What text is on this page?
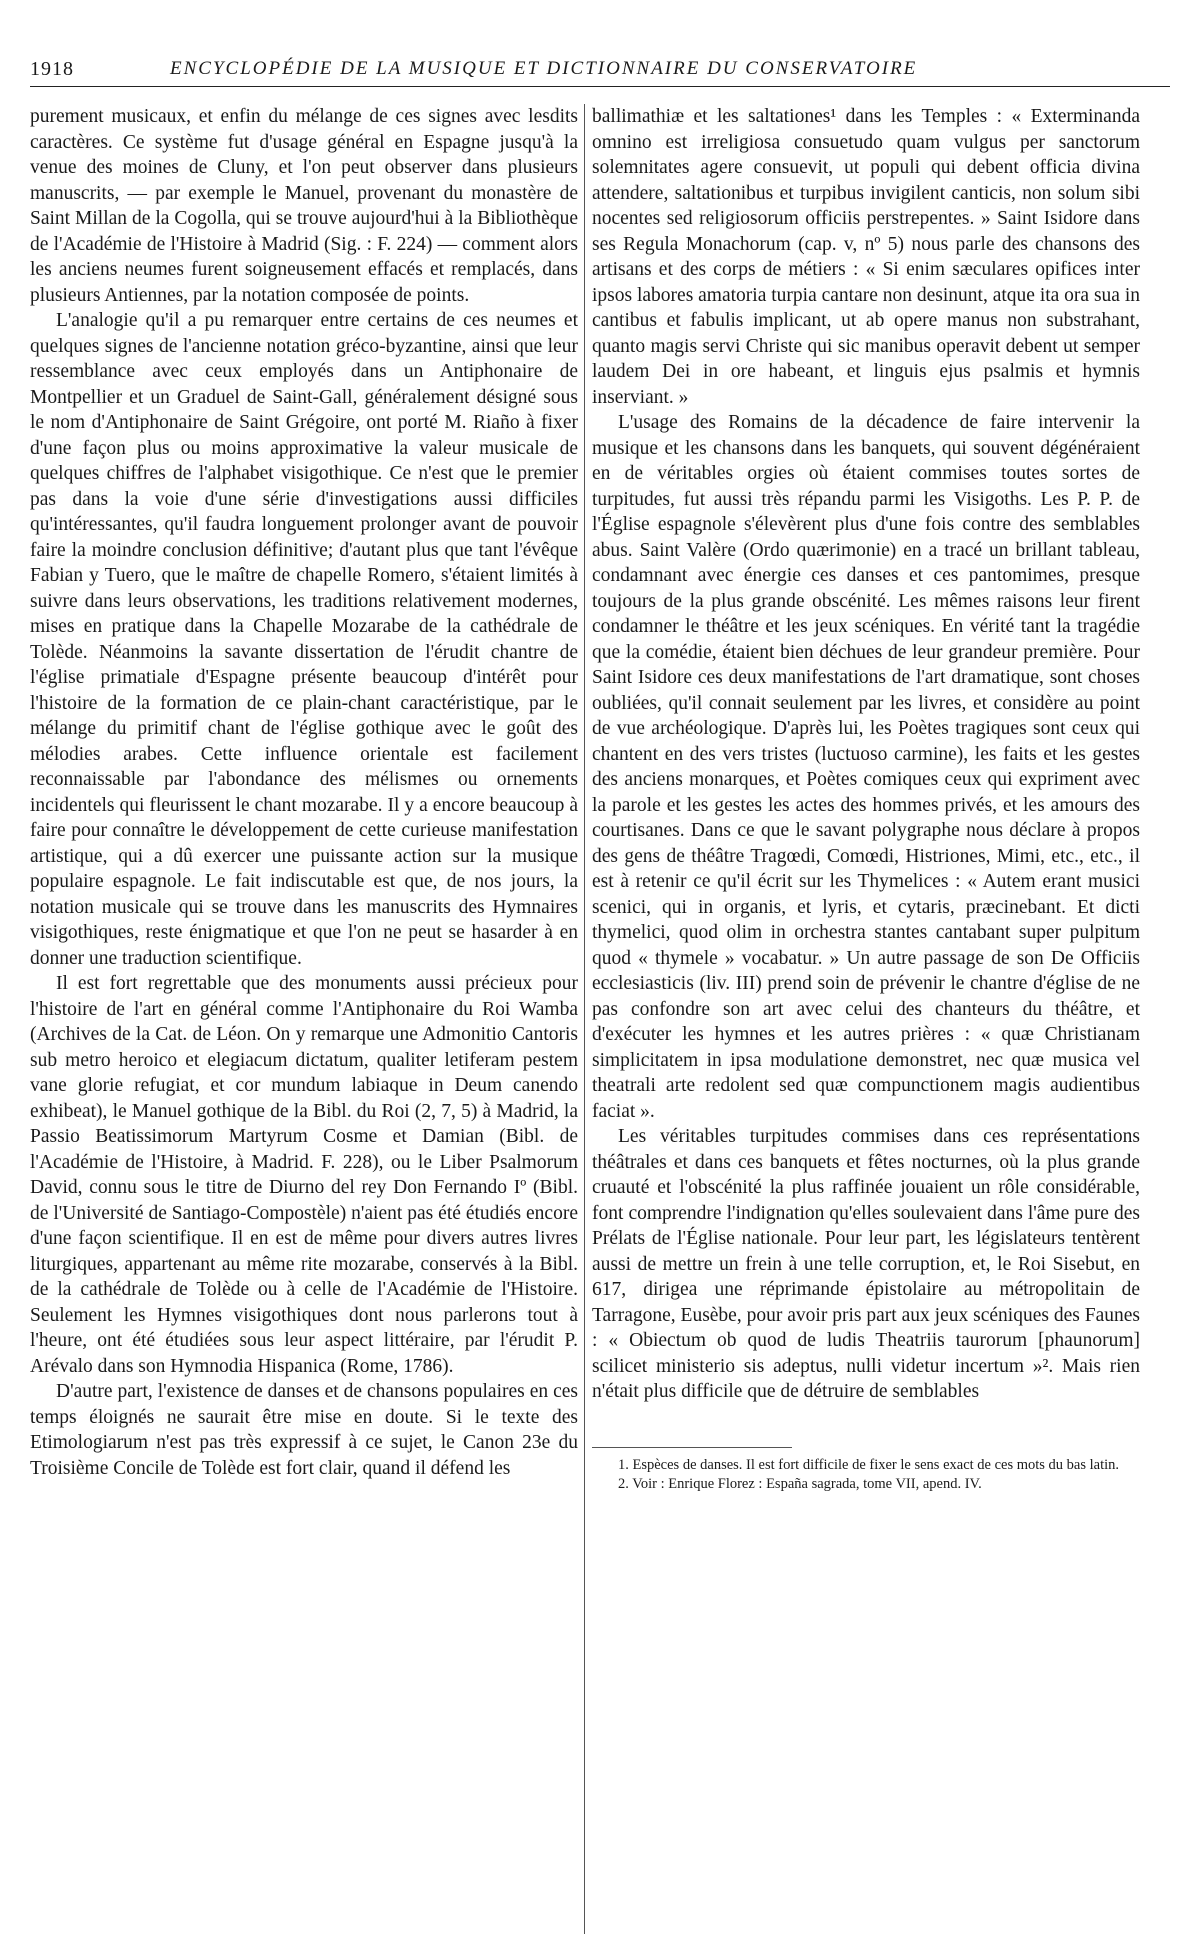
1918	ENCYCLOPÉDIE DE LA MUSIQUE ET DICTIONNAIRE DU CONSERVATOIRE

purement musicaux, et enfin du mélange de ces signes avec lesdits caractères. Ce système fut d'usage général en Espagne jusqu'à la venue des moines de Cluny, et l'on peut observer dans plusieurs manuscrits, — par exemple le Manuel, provenant du monastère de Saint Millan de la Cogolla, qui se trouve aujourd'hui à la Bibliothèque de l'Académie de l'Histoire à Madrid (Sig. : F. 224) — comment alors les anciens neumes furent soigneusement effacés et remplacés, dans plusieurs Antiennes, par la notation composée de points.

L'analogie qu'il a pu remarquer entre certains de ces neumes et quelques signes de l'ancienne notation gréco-byzantine, ainsi que leur ressemblance avec ceux employés dans un Antiphonaire de Montpellier et un Graduel de Saint-Gall, généralement désigné sous le nom d'Antiphonaire de Saint Grégoire, ont porté M. Riaño à fixer d'une façon plus ou moins approximative la valeur musicale de quelques chiffres de l'alphabet visigothique. Ce n'est que le premier pas dans la voie d'une série d'investigations aussi difficiles qu'intéressantes, qu'il faudra longuement prolonger avant de pouvoir faire la moindre conclusion définitive; d'autant plus que tant l'évêque Fabian y Tuero, que le maître de chapelle Romero, s'étaient limités à suivre dans leurs observations, les traditions relativement modernes, mises en pratique dans la Chapelle Mozarabe de la cathédrale de Tolède. Néanmoins la savante dissertation de l'érudit chantre de l'église primatiale d'Espagne présente beaucoup d'intérêt pour l'histoire de la formation de ce plain-chant caractéristique, par le mélange du primitif chant de l'église gothique avec le goût des mélodies arabes. Cette influence orientale est facilement reconnaissable par l'abondance des mélismes ou ornements incidentels qui fleurissent le chant mozarabe. Il y a encore beaucoup à faire pour connaître le développement de cette curieuse manifestation artistique, qui a dû exercer une puissante action sur la musique populaire espagnole. Le fait indiscutable est que, de nos jours, la notation musicale qui se trouve dans les manuscrits des Hymnaires visigothiques, reste énigmatique et que l'on ne peut se hasarder à en donner une traduction scientifique.

Il est fort regrettable que des monuments aussi précieux pour l'histoire de l'art en général comme l'Antiphonaire du Roi Wamba (Archives de la Cat. de Léon. On y remarque une Admonitio Cantoris sub metro heroico et elegiacum dictatum, qualiter letiferam pestem vane glorie refugiat, et cor mundum labiaque in Deum canendo exhibeat), le Manuel gothique de la Bibl. du Roi (2, 7, 5) à Madrid, la Passio Beatissimorum Martyrum Cosme et Damian (Bibl. de l'Académie de l'Histoire, à Madrid. F. 228), ou le Liber Psalmorum David, connu sous le titre de Diurno del rey Don Fernando Iº (Bibl. de l'Université de Santiago-Compostèle) n'aient pas été étudiés encore d'une façon scientifique. Il en est de même pour divers autres livres liturgiques, appartenant au même rite mozarabe, conservés à la Bibl. de la cathédrale de Tolède ou à celle de l'Académie de l'Histoire. Seulement les Hymnes visigothiques dont nous parlerons tout à l'heure, ont été étudiées sous leur aspect littéraire, par l'érudit P. Arévalo dans son Hymnodia Hispanica (Rome, 1786).

D'autre part, l'existence de danses et de chansons populaires en ces temps éloignés ne saurait être mise en doute. Si le texte des Etimologiarum n'est pas très expressif à ce sujet, le Canon 23e du Troisième Concile de Tolède est fort clair, quand il défend les

ballimathiæ et les saltationes¹ dans les Temples : « Exterminanda omnino est irreligiosa consuetudo quam vulgus per sanctorum solemnitates agere consuevit, ut populi qui debent officia divina attendere, saltationibus et turpibus invigilent canticis, non solum sibi nocentes sed religiosorum officiis perstrepentes. » Saint Isidore dans ses Regula Monachorum (cap. v, nº 5) nous parle des chansons des artisans et des corps de métiers : « Si enim sæculares opifices inter ipsos labores amatoria turpia cantare non desinunt, atque ita ora sua in cantibus et fabulis implicant, ut ab opere manus non substrahant, quanto magis servi Christe qui sic manibus operavit debent ut semper laudem Dei in ore habeant, et linguis ejus psalmis et hymnis inserviant. »

L'usage des Romains de la décadence de faire intervenir la musique et les chansons dans les banquets, qui souvent dégénéraient en de véritables orgies où étaient commises toutes sortes de turpitudes, fut aussi très répandu parmi les Visigoths. Les P. P. de l'Église espagnole s'élevèrent plus d'une fois contre des semblables abus. Saint Valère (Ordo quærimonie) en a tracé un brillant tableau, condamnant avec énergie ces danses et ces pantomimes, presque toujours de la plus grande obscénité. Les mêmes raisons leur firent condamner le théâtre et les jeux scéniques. En vérité tant la tragédie que la comédie, étaient bien déchues de leur grandeur première. Pour Saint Isidore ces deux manifestations de l'art dramatique, sont choses oubliées, qu'il connait seulement par les livres, et considère au point de vue archéologique. D'après lui, les Poètes tragiques sont ceux qui chantent en des vers tristes (luctuoso carmine), les faits et les gestes des anciens monarques, et Poètes comiques ceux qui expriment avec la parole et les gestes les actes des hommes privés, et les amours des courtisanes. Dans ce que le savant polygraphe nous déclare à propos des gens de théâtre Tragœdi, Comœdi, Histriones, Mimi, etc., etc., il est à retenir ce qu'il écrit sur les Thymelices : « Autem erant musici scenici, qui in organis, et lyris, et cytaris, præcinebant. Et dicti thymelici, quod olim in orchestra stantes cantabant super pulpitum quod « thymele » vocabatur. » Un autre passage de son De Officiis ecclesiasticis (liv. III) prend soin de prévenir le chantre d'église de ne pas confondre son art avec celui des chanteurs du théâtre, et d'exécuter les hymnes et les autres prières : « quæ Christianam simplicitatem in ipsa modulatione demonstret, nec quæ musica vel theatrali arte redolent sed quæ compunctionem magis audientibus faciat ».

Les véritables turpitudes commises dans ces représentations théâtrales et dans ces banquets et fêtes nocturnes, où la plus grande cruauté et l'obscénité la plus raffinée jouaient un rôle considérable, font comprendre l'indignation qu'elles soulevaient dans l'âme pure des Prélats de l'Église nationale. Pour leur part, les législateurs tentèrent aussi de mettre un frein à une telle corruption, et, le Roi Sisebut, en 617, dirigea une réprimande épistolaire au métropolitain de Tarragone, Eusèbe, pour avoir pris part aux jeux scéniques des Faunes : « Obiectum ob quod de ludis Theatriis taurorum [phaunorum] scilicet ministerio sis adeptus, nulli videtur incertum »². Mais rien n'était plus difficile que de détruire de semblables

1. Espèces de danses. Il est fort difficile de fixer le sens exact de ces mots du bas latin.

2. Voir : Enrique Florez : España sagrada, tome VII, apend. IV.
